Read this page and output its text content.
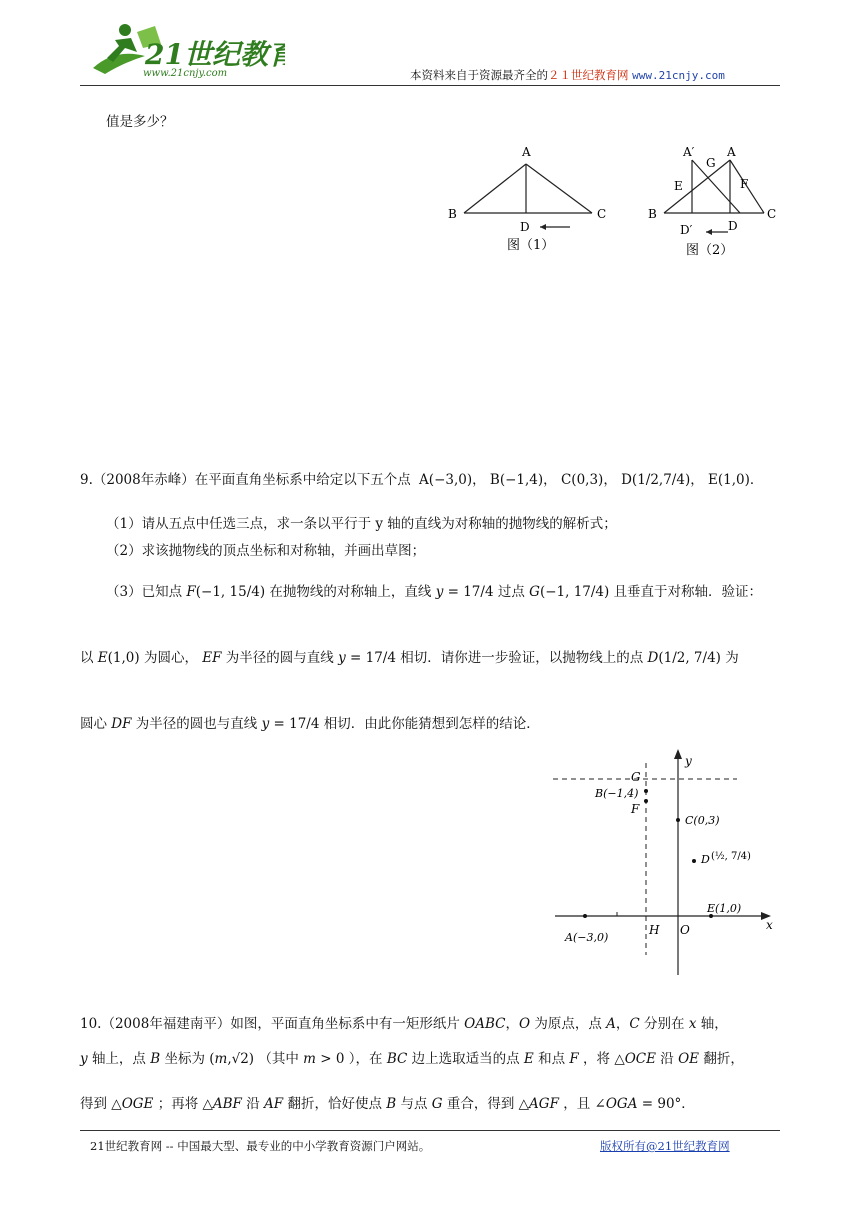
21世纪教育
www.21cnjy.com	本资料来自于资源最齐全的２１世纪教育网 www.21cnjy.com
值是多少？
A
B	C
D
图（1）
A′
G
A
E	F
B
D′	D
C
图（2）
9.（2008年赤峰）在平面直角坐标系中给定以下五个点 A(−3,0)， B(−1,4)， C(0,3)， D(1/2,7/4)， E(1,0)．
（1）请从五点中任选三点，求一条以平行于 y 轴的直线为对称轴的抛物线的解析式；
（2）求该抛物线的顶点坐标和对称轴，并画出草图；
（3）已知点 F(−1, 15/4) 在抛物线的对称轴上，直线 y = 17/4 过点 G(−1, 17/4) 且垂直于对称轴．验证：
以 E(1,0) 为圆心， EF 为半径的圆与直线 y = 17/4 相切．请你进一步验证，以抛物线上的点 D(1/2, 7/4) 为
圆心 DF 为半径的圆也与直线 y = 17/4 相切．由此你能猜想到怎样的结论．
y
x
O
H
G
B(−1,4)
F
C(0,3)
D (½, 7/4)
E(1,0)
A(−3,0)
10.（2008年福建南平）如图，平面直角坐标系中有一矩形纸片 OABC，O 为原点，点 A，C 分别在 x 轴，
y 轴上，点 B 坐标为 (m,√2) （其中 m > 0 ），在 BC 边上选取适当的点 E 和点 F ，将 △OCE 沿 OE 翻折，
得到 △OGE ；再将 △ABF 沿 AF 翻折，恰好使点 B 与点 G 重合，得到 △AGF ，且 ∠OGA = 90°．
21世纪教育网 -- 中国最大型、最专业的中小学教育资源门户网站。	版权所有@21世纪教育网
